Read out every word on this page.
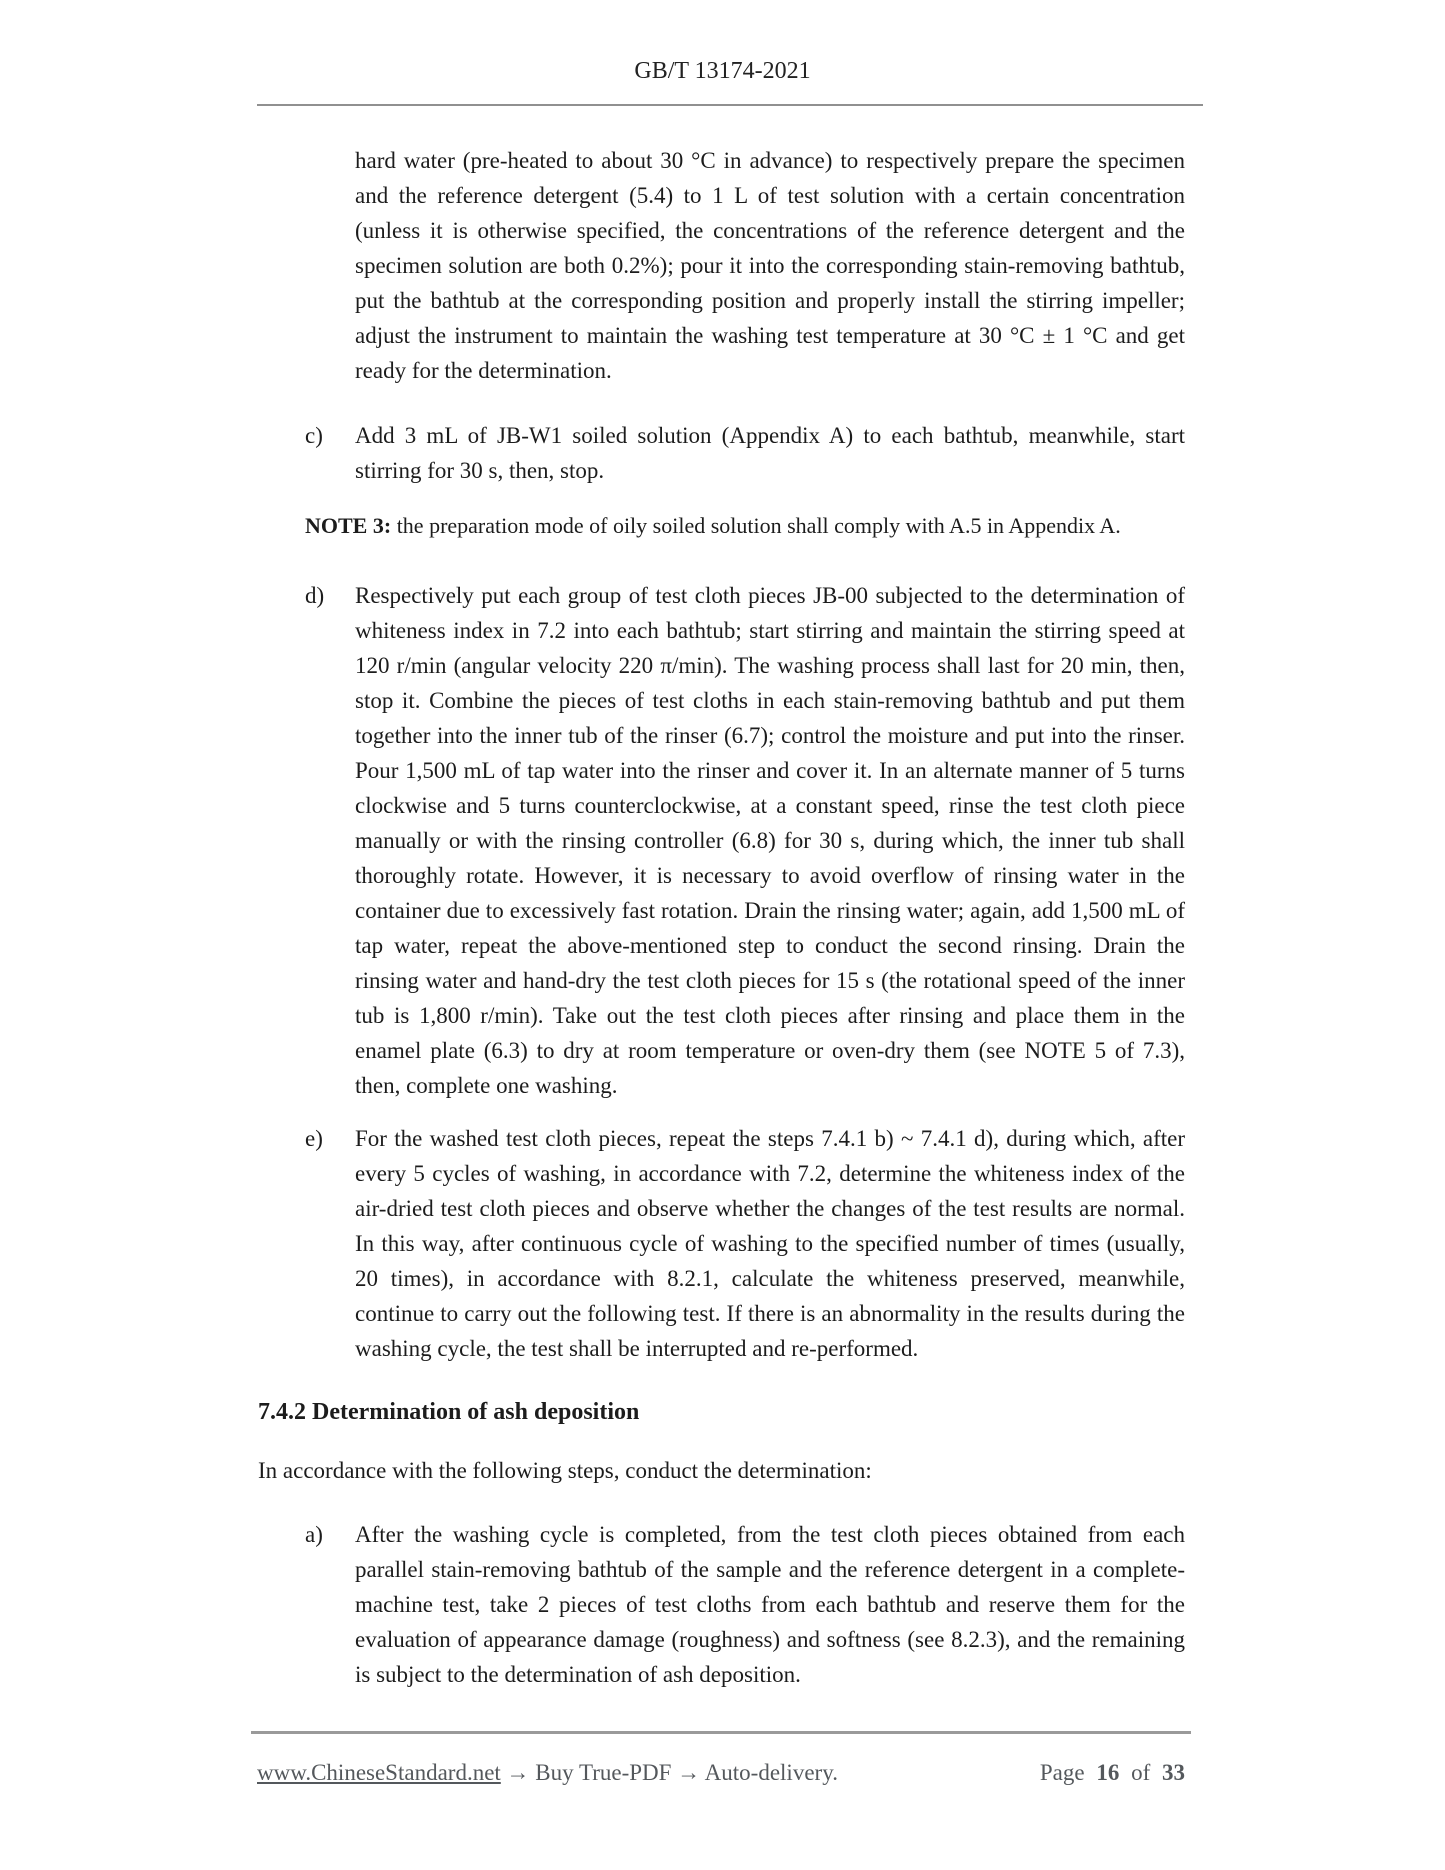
GB/T 13174-2021
hard water (pre-heated to about 30 °C in advance) to respectively prepare the specimen and the reference detergent (5.4) to 1 L of test solution with a certain concentration (unless it is otherwise specified, the concentrations of the reference detergent and the specimen solution are both 0.2%); pour it into the corresponding stain-removing bathtub, put the bathtub at the corresponding position and properly install the stirring impeller; adjust the instrument to maintain the washing test temperature at 30 °C ± 1 °C and get ready for the determination.
c)	Add 3 mL of JB-W1 soiled solution (Appendix A) to each bathtub, meanwhile, start stirring for 30 s, then, stop.
NOTE 3: the preparation mode of oily soiled solution shall comply with A.5 in Appendix A.
d)	Respectively put each group of test cloth pieces JB-00 subjected to the determination of whiteness index in 7.2 into each bathtub; start stirring and maintain the stirring speed at 120 r/min (angular velocity 220 π/min). The washing process shall last for 20 min, then, stop it. Combine the pieces of test cloths in each stain-removing bathtub and put them together into the inner tub of the rinser (6.7); control the moisture and put into the rinser. Pour 1,500 mL of tap water into the rinser and cover it. In an alternate manner of 5 turns clockwise and 5 turns counterclockwise, at a constant speed, rinse the test cloth piece manually or with the rinsing controller (6.8) for 30 s, during which, the inner tub shall thoroughly rotate. However, it is necessary to avoid overflow of rinsing water in the container due to excessively fast rotation. Drain the rinsing water; again, add 1,500 mL of tap water, repeat the above-mentioned step to conduct the second rinsing. Drain the rinsing water and hand-dry the test cloth pieces for 15 s (the rotational speed of the inner tub is 1,800 r/min). Take out the test cloth pieces after rinsing and place them in the enamel plate (6.3) to dry at room temperature or oven-dry them (see NOTE 5 of 7.3), then, complete one washing.
e)	For the washed test cloth pieces, repeat the steps 7.4.1 b) ~ 7.4.1 d), during which, after every 5 cycles of washing, in accordance with 7.2, determine the whiteness index of the air-dried test cloth pieces and observe whether the changes of the test results are normal. In this way, after continuous cycle of washing to the specified number of times (usually, 20 times), in accordance with 8.2.1, calculate the whiteness preserved, meanwhile, continue to carry out the following test. If there is an abnormality in the results during the washing cycle, the test shall be interrupted and re-performed.
7.4.2 Determination of ash deposition
In accordance with the following steps, conduct the determination:
a)	After the washing cycle is completed, from the test cloth pieces obtained from each parallel stain-removing bathtub of the sample and the reference detergent in a complete-machine test, take 2 pieces of test cloths from each bathtub and reserve them for the evaluation of appearance damage (roughness) and softness (see 8.2.3), and the remaining is subject to the determination of ash deposition.
www.ChineseStandard.net → Buy True-PDF → Auto-delivery.	Page 16 of 33
